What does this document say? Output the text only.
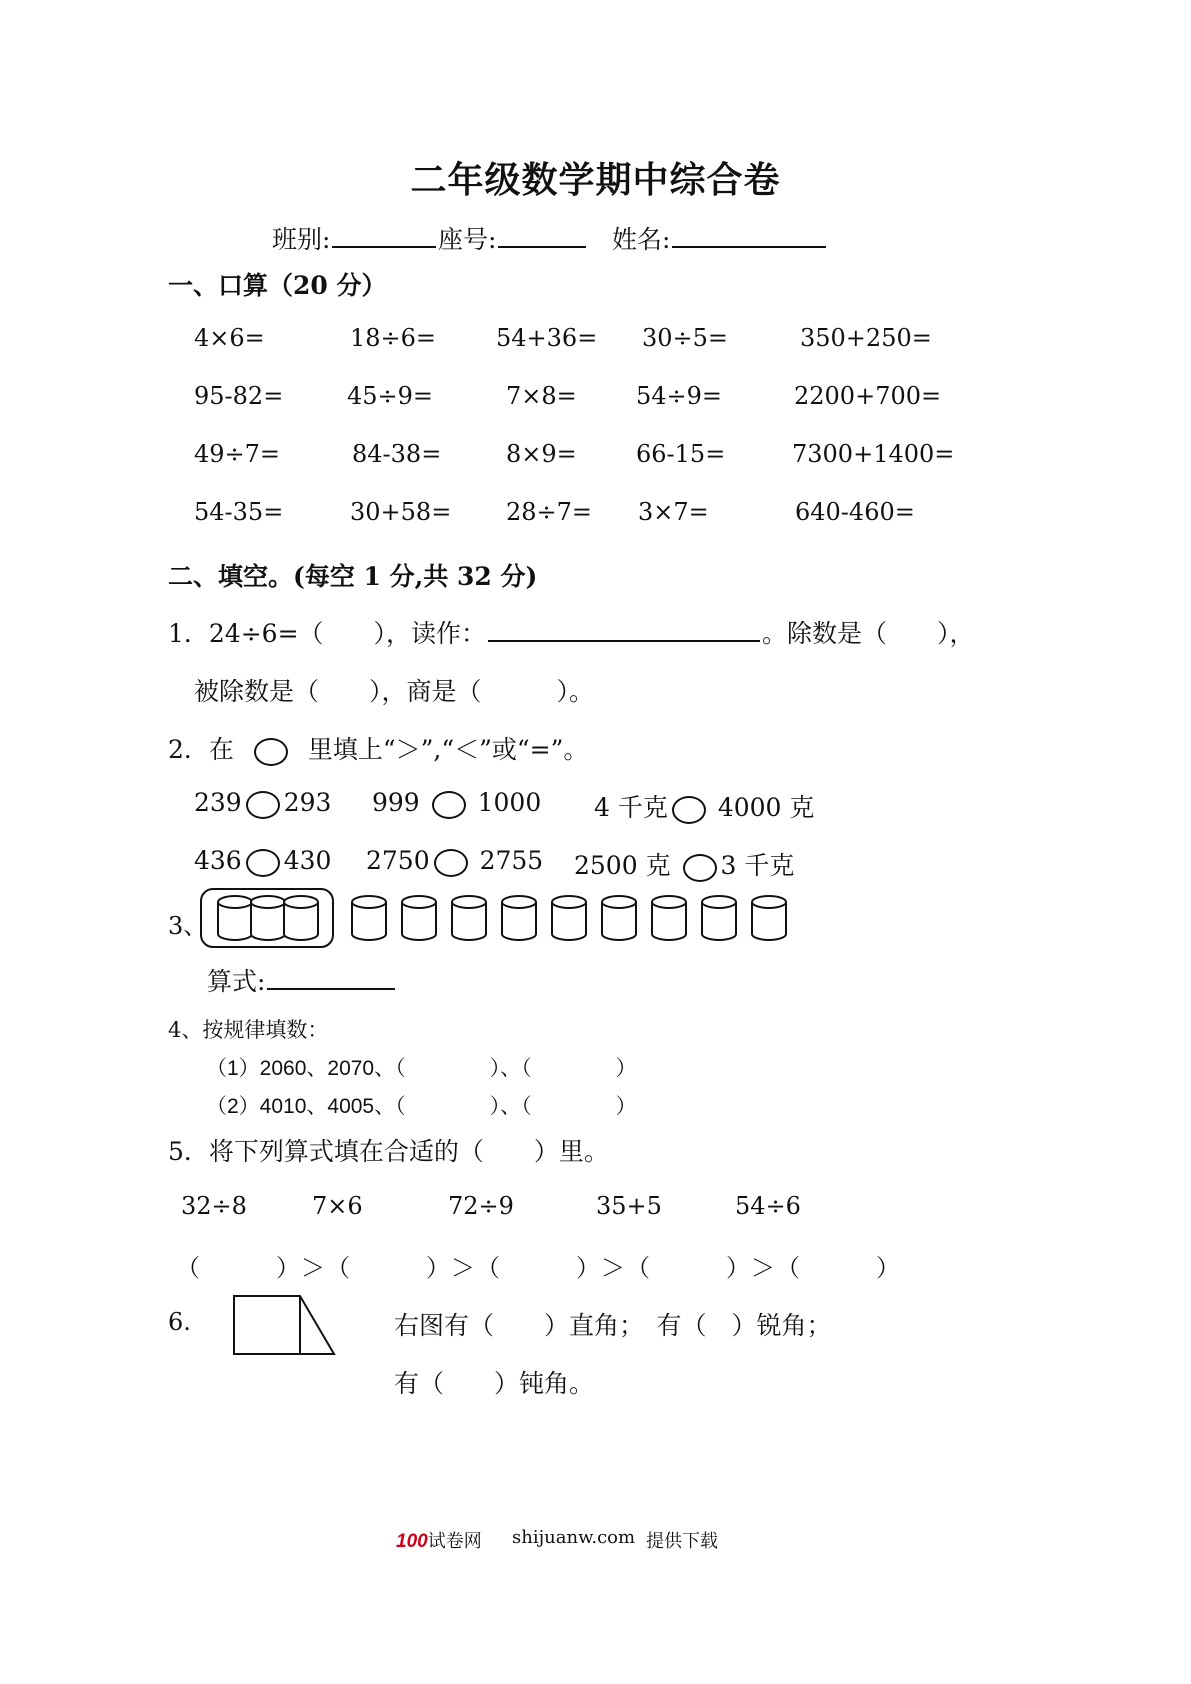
二年级数学期中综合卷
班别:	座号:	姓名:
一、口算（20 分）
4×6=	18÷6= 54+36= 30÷5=	350+250=
95-82=	45÷9=	7×8= 54÷9=	2200+700=
49÷7=	84-38=	8×9= 66-15=	7300+1400=
54-35=	30+58= 28÷7= 3×7=	640-460=
二、填空。(每空 1 分,共 32 分)
1．24÷6=（　　），读作：	。除数是（　　），
被除数是（　　），商是（　　　）。
2．在	里填上“＞”,“＜”或“=”。
239 293 999 1000 4 千克 4000 克
436 430 2750 2755 2500 克 3 千克
3、
算式:
4、按规律填数：
（1）2060、2070、（　　　　）、（　　　　）
（2）4010、4005、（　　　　）、（　　　　）
5．将下列算式填在合适的（　　）里。
32÷8	7×6	72÷9	35+5	54÷6
（　　　）＞（　　　）＞（　　　）＞（　　　）＞（　　　）
6.	右图有（　　）直角；　有（　）锐角；
有（　　）钝角。
100试卷网 shijuanw.com 提供下载
